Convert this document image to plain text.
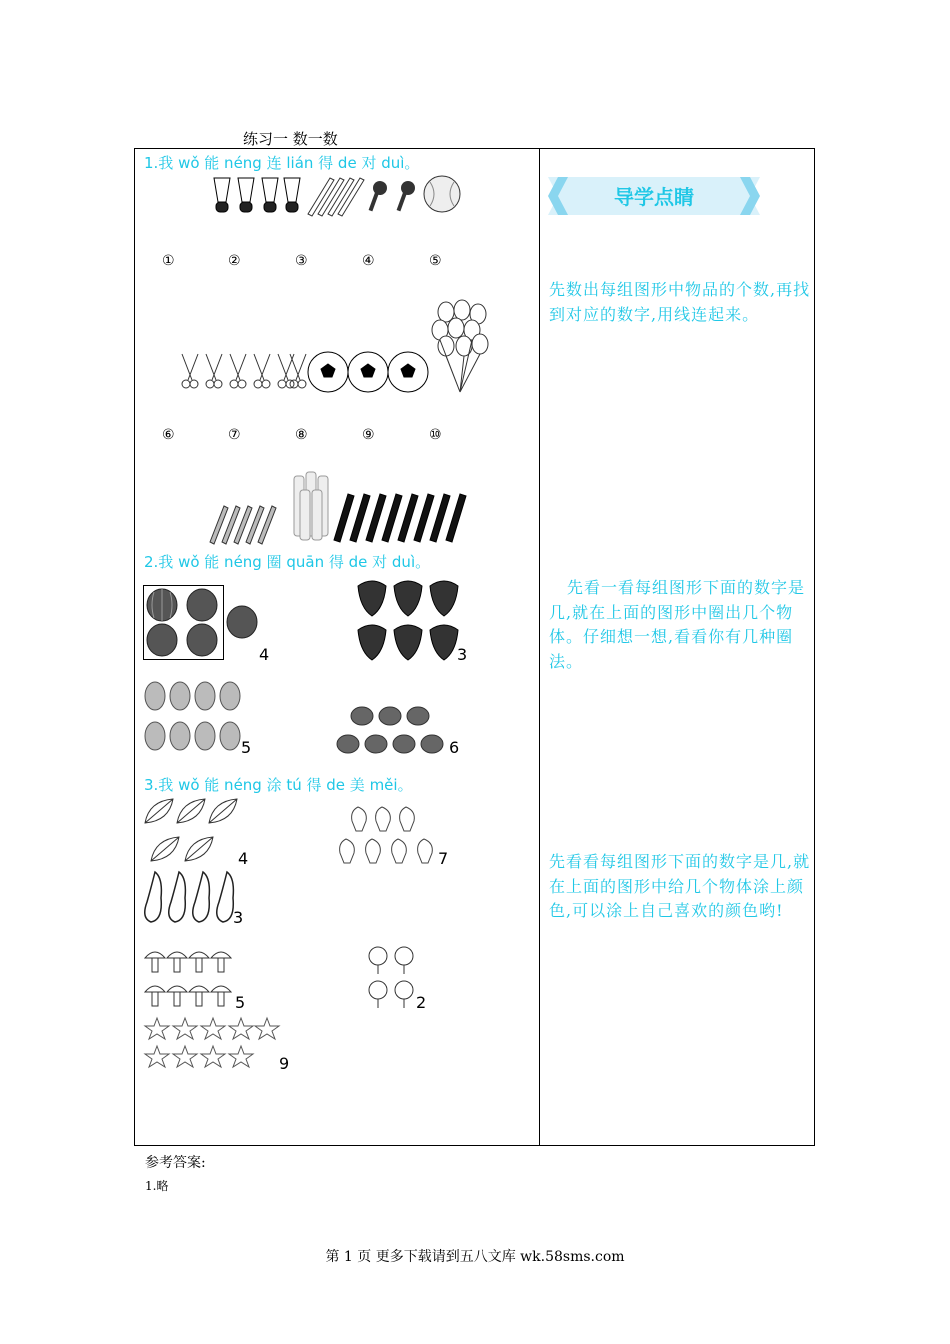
练习一 数一数
1.我 wǒ 能 néng 连 lián 得 de 对 duì。
①	②	③	④	⑤
⑥	⑦	⑧	⑨	⑩
2.我 wǒ 能 néng 圈 quān 得 de 对 duì。
4	3
5	6
3.我 wǒ 能 néng 涂 tú 得 de 美 měi。
4	7
3
5	2
9
导学点睛
先数出每组图形中物品的个数,再找到对应的数字,用线连起来。
先看一看每组图形下面的数字是几,就在上面的图形中圈出几个物体。仔细想一想,看看你有几种圈法。
先看看每组图形下面的数字是几,就在上面的图形中给几个物体涂上颜色,可以涂上自己喜欢的颜色哟!
参考答案:
1.略
第 1 页 更多下载请到五八文库 wk.58sms.com
